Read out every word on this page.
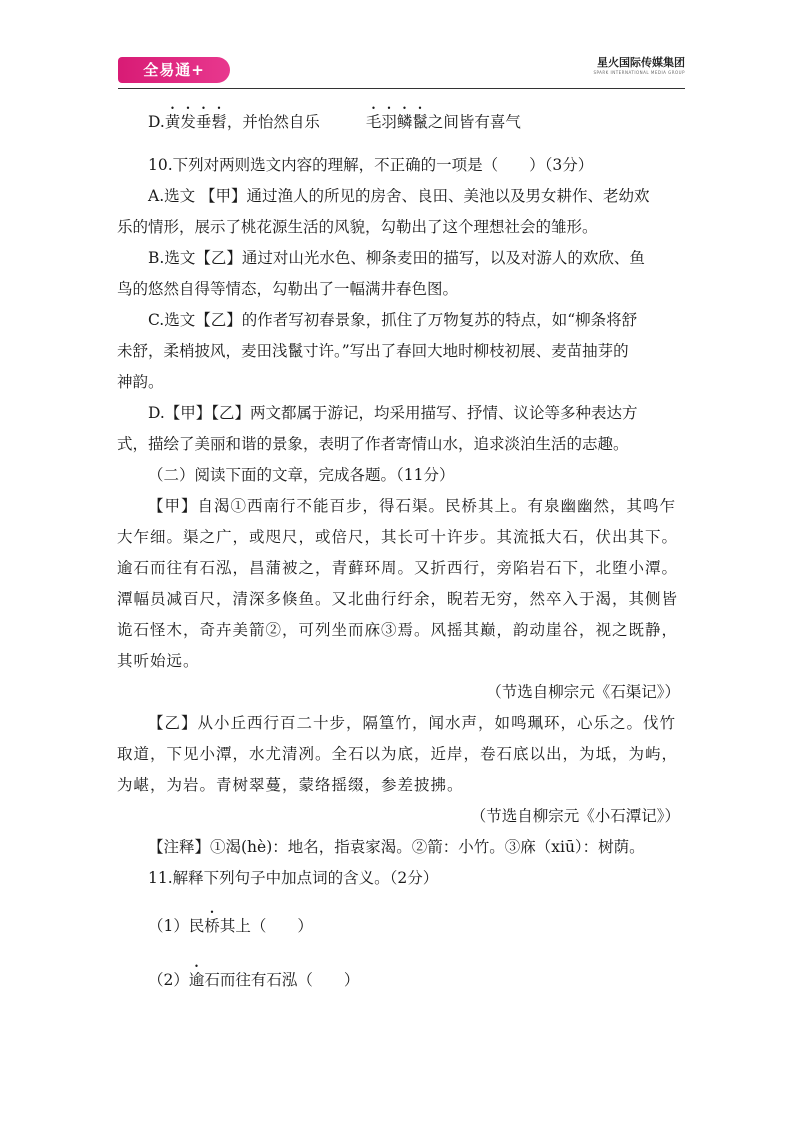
全易通+	星火国际传媒集团
SPARK INTERNATIONAL MEDIA GROUP
D.黄发垂髫，并怡然自乐	毛羽鳞鬣之间皆有喜气
10.下列对两则选文内容的理解，不正确的一项是（　　）（3分）
A.选文 【甲】通过渔人的所见的房舍、良田、美池以及男女耕作、老幼欢
乐的情形，展示了桃花源生活的风貌，勾勒出了这个理想社会的雏形。
B.选文【乙】通过对山光水色、柳条麦田的描写，以及对游人的欢欣、鱼
鸟的悠然自得等情态，勾勒出了一幅满井春色图。
C.选文【乙】的作者写初春景象，抓住了万物复苏的特点，如“柳条将舒
未舒，柔梢披风，麦田浅鬣寸许。”写出了春回大地时柳枝初展、麦苗抽芽的
神韵。
D.【甲】【乙】两文都属于游记，均采用描写、抒情、议论等多种表达方
式，描绘了美丽和谐的景象，表明了作者寄情山水，追求淡泊生活的志趣。
（二）阅读下面的文章，完成各题。（11分）
【甲】自渴①西南行不能百步，得石渠。民桥其上。有泉幽幽然，其鸣乍
大乍细。渠之广，或咫尺，或倍尺，其长可十许步。其流抵大石，伏出其下。
逾石而往有石泓，昌蒲被之，青藓环周。又折西行，旁陷岩石下，北堕小潭。
潭幅员减百尺，清深多倏鱼。又北曲行纡余，睨若无穷，然卒入于渴，其侧皆
诡石怪木，奇卉美箭②，可列坐而庥③焉。风摇其巅，韵动崖谷，视之既静，
其听始远。
（节选自柳宗元《石渠记》）
【乙】从小丘西行百二十步，隔篁竹，闻水声，如鸣珮环，心乐之。伐竹
取道，下见小潭，水尤清冽。全石以为底，近岸，卷石底以出，为坻，为屿，
为嵁，为岩。青树翠蔓，蒙络摇缀，参差披拂。
（节选自柳宗元《小石潭记》）
【注释】①渴(hè)：地名，指袁家渴。②箭：小竹。③庥（xiū）：树荫。
11.解释下列句子中加点词的含义。（2分）
（1）民桥其上（　　）
（2）逾石而往有石泓（　　）
